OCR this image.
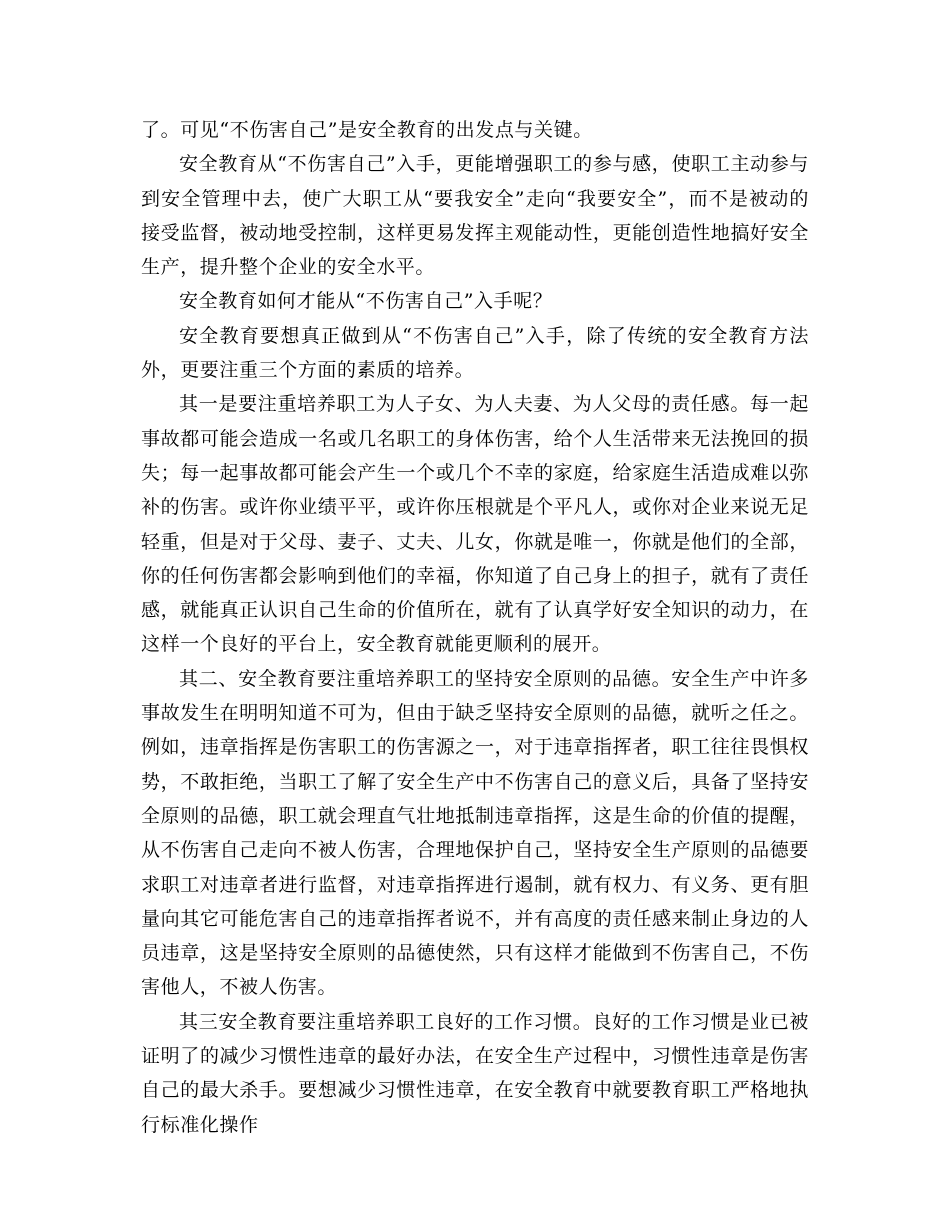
了。可见“不伤害自己”是安全教育的出发点与关键。

安全教育从“不伤害自己”入手，更能增强职工的参与感，使职工主动参与到安全管理中去，使广大职工从“要我安全”走向“我要安全”，而不是被动的接受监督，被动地受控制，这样更易发挥主观能动性，更能创造性地搞好安全生产，提升整个企业的安全水平。

安全教育如何才能从“不伤害自己”入手呢？

安全教育要想真正做到从“不伤害自己”入手，除了传统的安全教育方法外，更要注重三个方面的素质的培养。

其一是要注重培养职工为人子女、为人夫妻、为人父母的责任感。每一起事故都可能会造成一名或几名职工的身体伤害，给个人生活带来无法挽回的损失；每一起事故都可能会产生一个或几个不幸的家庭，给家庭生活造成难以弥补的伤害。或许你业绩平平，或许你压根就是个平凡人，或你对企业来说无足轻重，但是对于父母、妻子、丈夫、儿女，你就是唯一，你就是他们的全部，你的任何伤害都会影响到他们的幸福，你知道了自己身上的担子，就有了责任感，就能真正认识自己生命的价值所在，就有了认真学好安全知识的动力，在这样一个良好的平台上，安全教育就能更顺利的展开。

其二、安全教育要注重培养职工的坚持安全原则的品德。安全生产中许多事故发生在明明知道不可为，但由于缺乏坚持安全原则的品德，就听之任之。例如，违章指挥是伤害职工的伤害源之一，对于违章指挥者，职工往往畏惧权势，不敢拒绝，当职工了解了安全生产中不伤害自己的意义后，具备了坚持安全原则的品德，职工就会理直气壮地抵制违章指挥，这是生命的价值的提醒，从不伤害自己走向不被人伤害，合理地保护自己，坚持安全生产原则的品德要求职工对违章者进行监督，对违章指挥进行遏制，就有权力、有义务、更有胆量向其它可能危害自己的违章指挥者说不，并有高度的责任感来制止身边的人员违章，这是坚持安全原则的品德使然，只有这样才能做到不伤害自己，不伤害他人，不被人伤害。

其三安全教育要注重培养职工良好的工作习惯。良好的工作习惯是业已被证明了的减少习惯性违章的最好办法，在安全生产过程中，习惯性违章是伤害自己的最大杀手。要想减少习惯性违章，在安全教育中就要教育职工严格地执行标准化操作
